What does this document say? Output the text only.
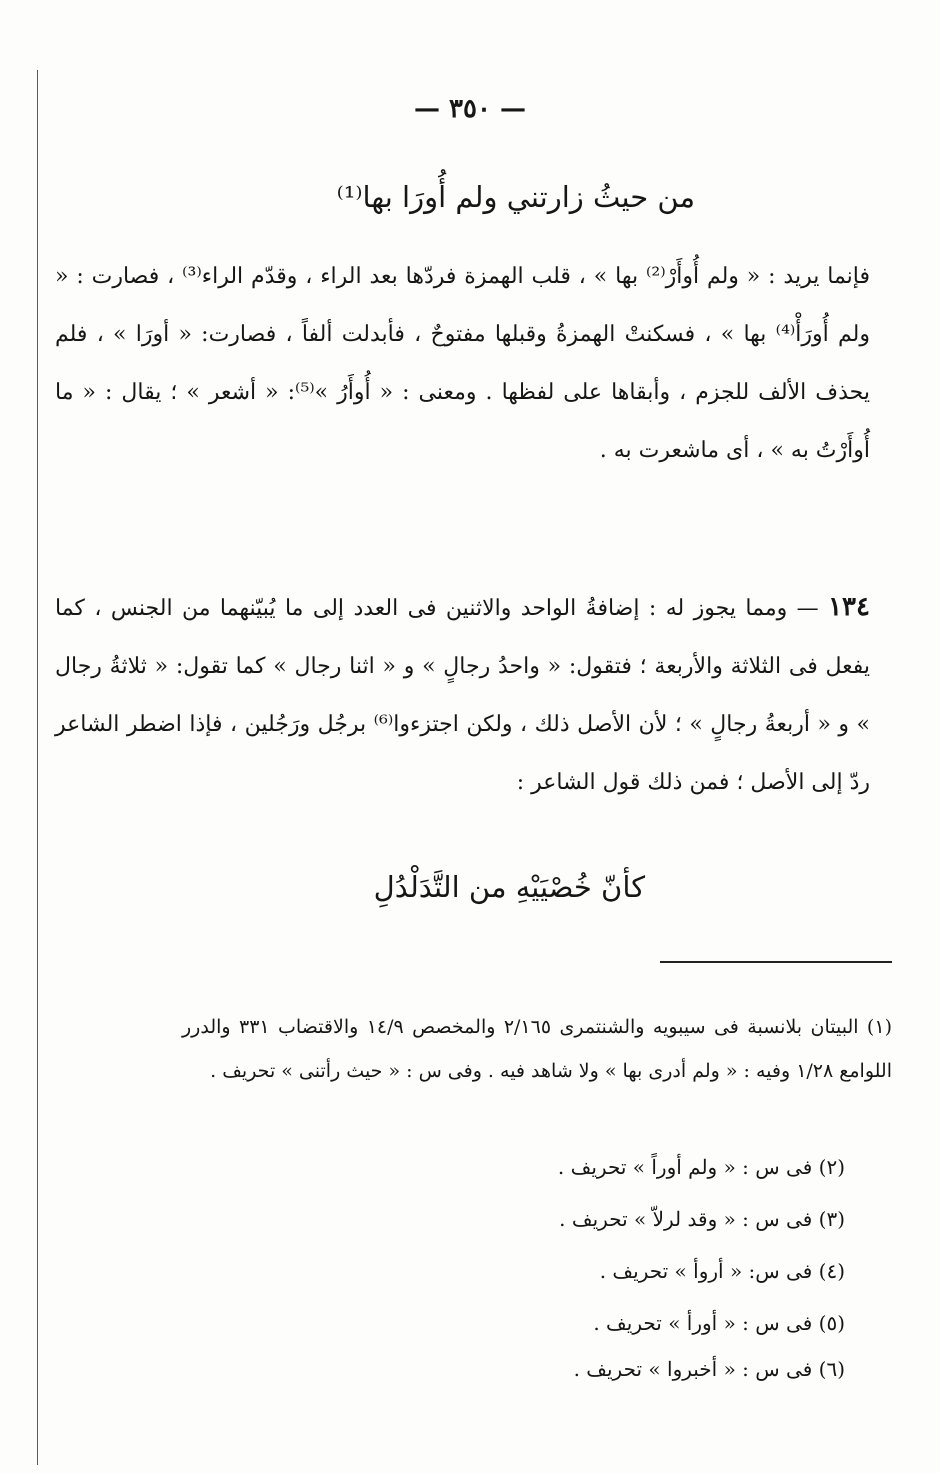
— ٣٥٠ —
من حيثُ زارتني ولم أُورَا بها⁽¹⁾
فإنما يريد : « ولم أُوأَرْ⁽²⁾ بها » ، قلب الهمزة فردّها بعد الراء ، وقدّم الراء⁽³⁾ ، فصارت : « ولم أُورَأْ⁽⁴⁾ بها » ، فسكنتْ الهمزةُ وقبلها مفتوحٌ ، فأبدلت ألفاً ، فصارت: « أورَا » ، فلم يحذف الألف للجزم ، وأبقاها على لفظها . ومعنى : « أُوأَرُ »⁽⁵⁾: « أشعر » ؛ يقال : « ما أُوأَرْتُ به » ، أى ماشعرت به .
١٣٤ — ومما يجوز له : إضافةُ الواحد والاثنين فى العدد إلى ما يُبيّنهما من الجنس ، كما يفعل فى الثلاثة والأربعة ؛ فتقول: « واحدُ رجالٍ » و « اثنا رجال » كما تقول: « ثلاثةُ رجال » و « أربعةُ رجالٍ » ؛ لأن الأصل ذلك ، ولكن اجتزءوا⁽⁶⁾ برجُل ورَجُلين ، فإذا اضطر الشاعر ردّ إلى الأصل ؛ فمن ذلك قول الشاعر :
كأنّ خُصْيَيْهِ من التَّدَلْدُلِ
(١) البيتان بلانسبة فى سيبويه والشنتمرى ٢/١٦٥ والمخصص ١٤/٩ والاقتضاب ٣٣١ والدرر اللوامع ١/٢٨ وفيه : « ولم أدرى بها » ولا شاهد فيه . وفى س : « حيث رأتنى » تحريف .
(٢) فى س : « ولم أوراً » تحريف .
(٣) فى س : « وقد لرلاّ » تحريف .
(٤) فى س: « أروأ » تحريف .
(٥) فى س : « أورأ » تحريف .
(٦) فى س : « أخبروا » تحريف .
